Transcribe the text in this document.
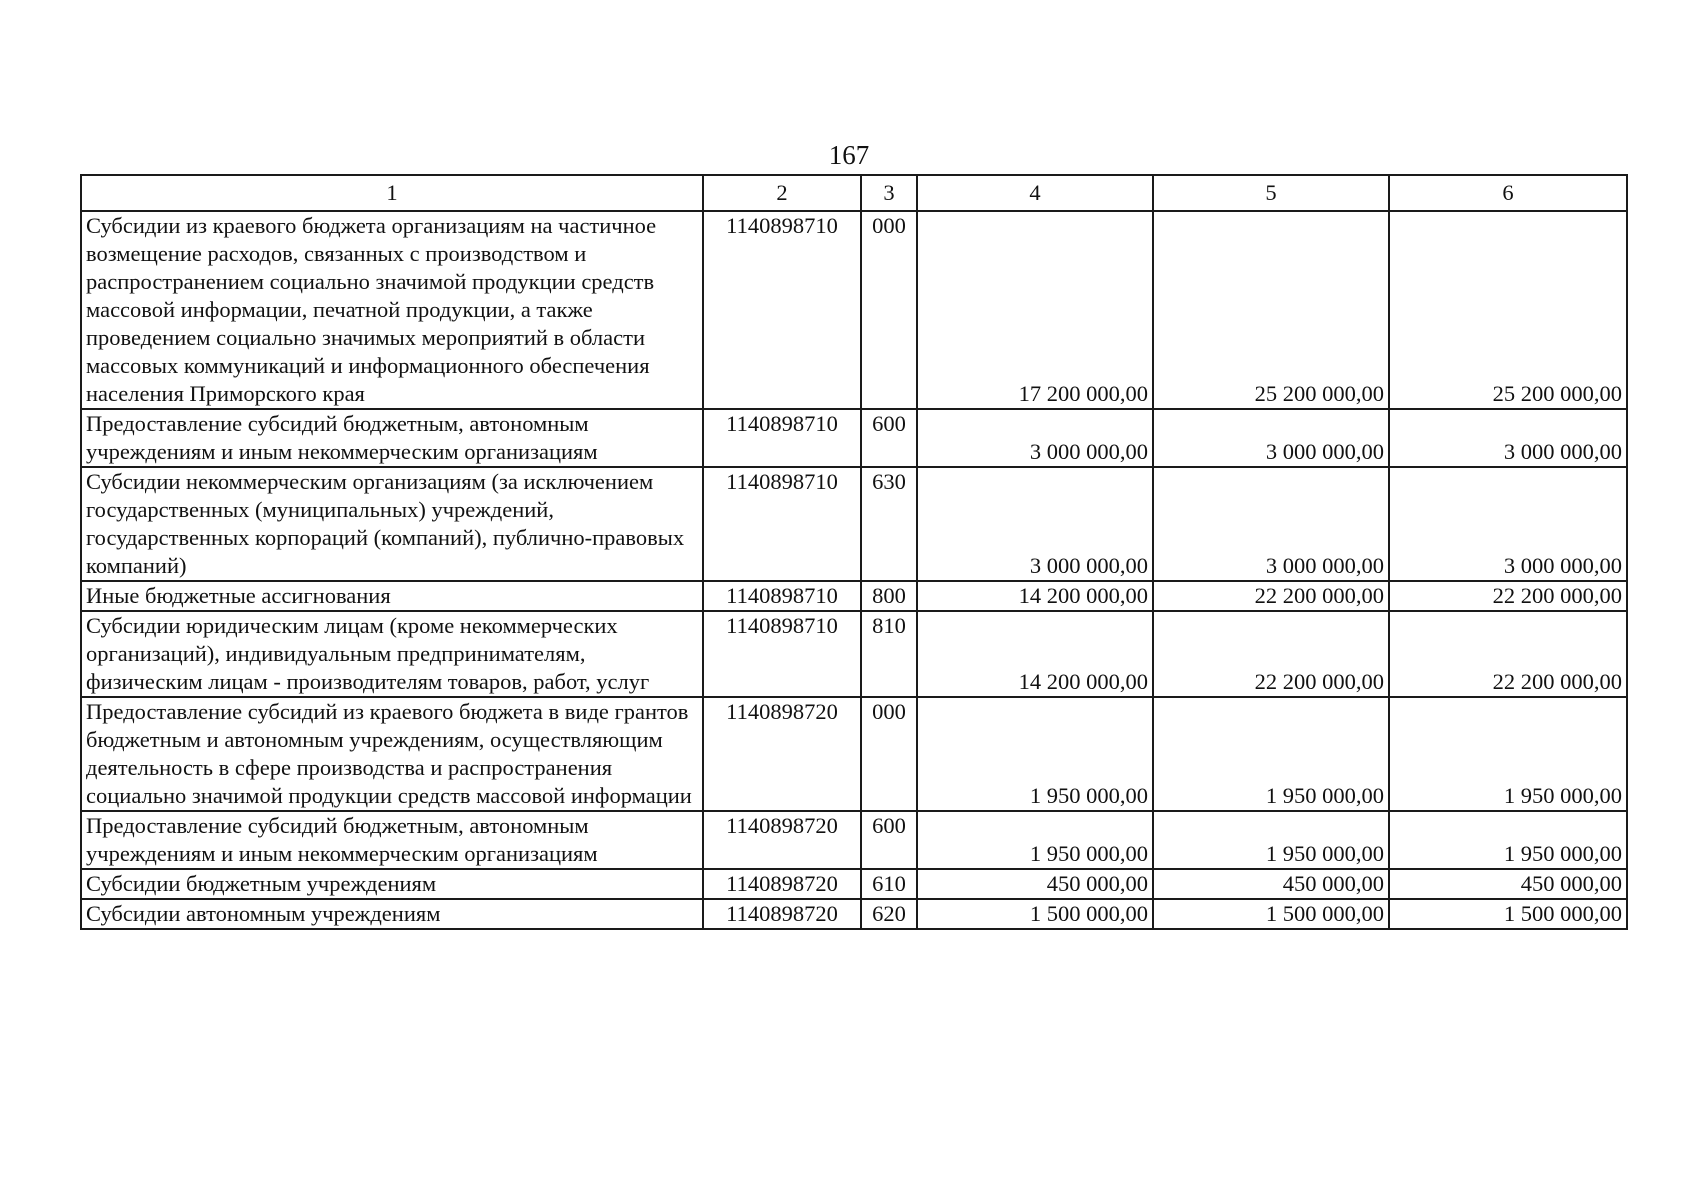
167
1	2	3	4	5	6
Субсидии из краевого бюджета организациям на частичное возмещение расходов, связанных с производством и распространением социально значимой продукции средств массовой информации, печатной продукции, а также проведением социально значимых мероприятий в области массовых коммуникаций и информационного обеспечения населения Приморского края	1140898710	000	17 200 000,00	25 200 000,00	25 200 000,00
Предоставление субсидий бюджетным, автономным учреждениям и иным некоммерческим организациям	1140898710	600	3 000 000,00	3 000 000,00	3 000 000,00
Субсидии некоммерческим организациям (за исключением государственных (муниципальных) учреждений, государственных корпораций (компаний), публично-правовых компаний)	1140898710	630	3 000 000,00	3 000 000,00	3 000 000,00
Иные бюджетные ассигнования	1140898710	800	14 200 000,00	22 200 000,00	22 200 000,00
Субсидии юридическим лицам (кроме некоммерческих организаций), индивидуальным предпринимателям, физическим лицам - производителям товаров, работ, услуг	1140898710	810	14 200 000,00	22 200 000,00	22 200 000,00
Предоставление субсидий из краевого бюджета в виде грантов бюджетным и автономным учреждениям, осуществляющим деятельность в сфере производства и распространения социально значимой продукции средств массовой информации	1140898720	000	1 950 000,00	1 950 000,00	1 950 000,00
Предоставление субсидий бюджетным, автономным учреждениям и иным некоммерческим организациям	1140898720	600	1 950 000,00	1 950 000,00	1 950 000,00
Субсидии бюджетным учреждениям	1140898720	610	450 000,00	450 000,00	450 000,00
Субсидии автономным учреждениям	1140898720	620	1 500 000,00	1 500 000,00	1 500 000,00
